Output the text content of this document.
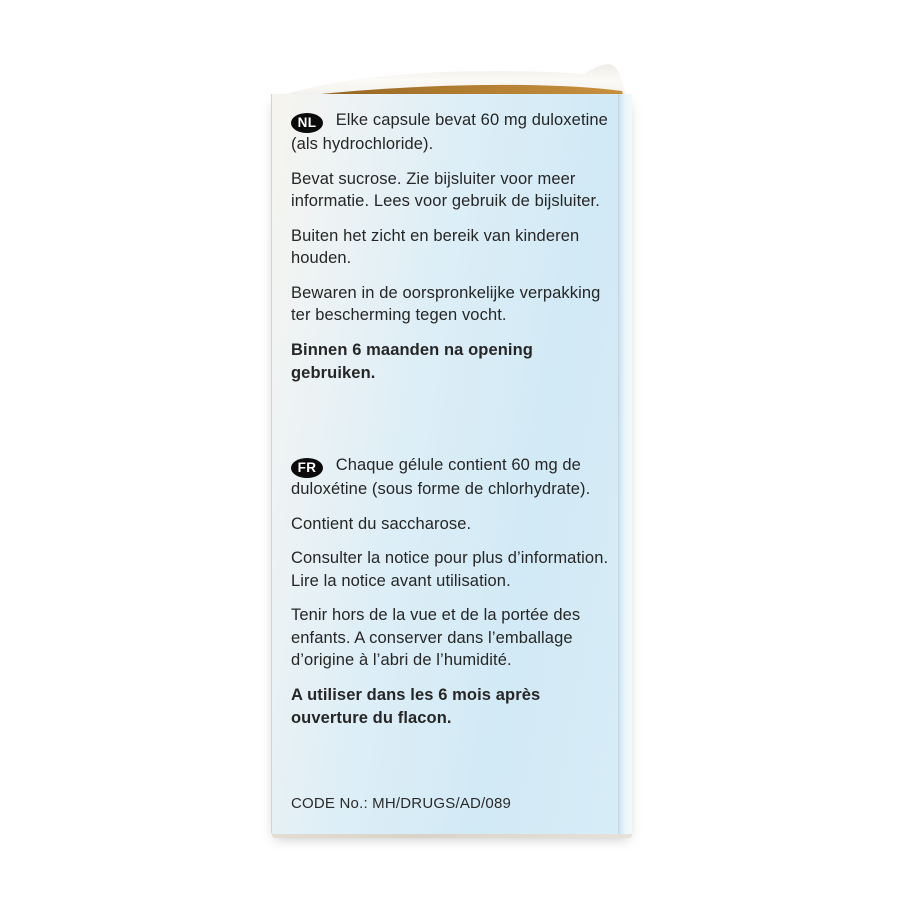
NL Elke capsule bevat 60 mg duloxetine (als hydrochloride).

Bevat sucrose. Zie bijsluiter voor meer informatie. Lees voor gebruik de bijsluiter.

Buiten het zicht en bereik van kinderen houden.

Bewaren in de oorspronkelijke verpakking ter bescherming tegen vocht.

Binnen 6 maanden na opening gebruiken.

FR Chaque gélule contient 60 mg de duloxétine (sous forme de chlorhydrate).

Contient du saccharose.

Consulter la notice pour plus d’information. Lire la notice avant utilisation.

Tenir hors de la vue et de la portée des enfants. A conserver dans l’emballage d’origine à l’abri de l’humidité.

A utiliser dans les 6 mois après ouverture du flacon.

CODE No.: MH/DRUGS/AD/089
